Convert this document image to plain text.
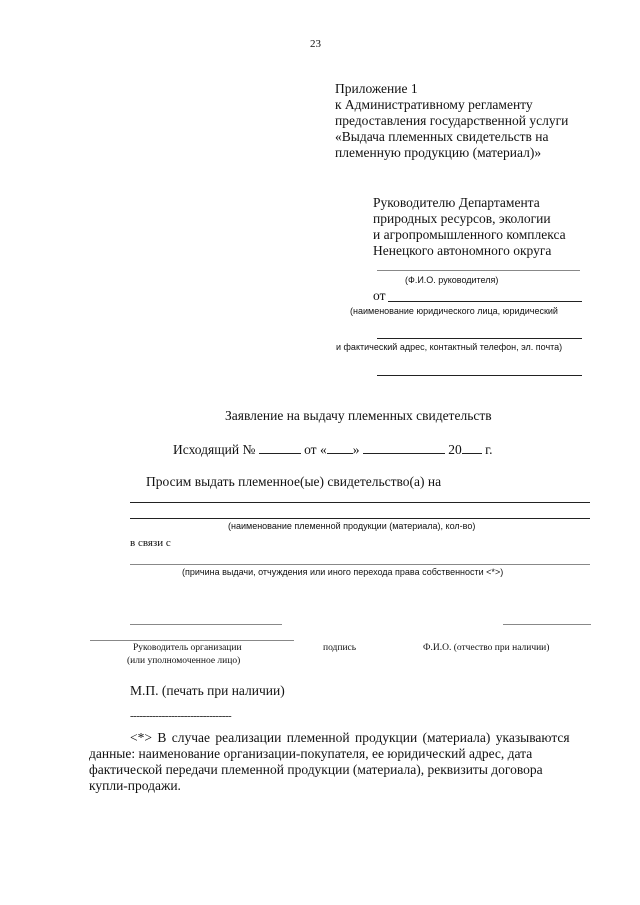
23
Приложение 1
к Административному регламенту
предоставления государственной услуги
«Выдача племенных свидетельств на
племенную продукцию (материал)»
Руководителю Департамента
природных ресурсов, экологии
и агропромышленного комплекса
Ненецкого автономного округа
(Ф.И.О. руководителя)
от
(наименование юридического лица, юридический
и фактический адрес, контактный телефон, эл. почта)
Заявление на выдачу племенных свидетельств
Исходящий №	от « »	20 г.
Просим выдать племенное(ые) свидетельство(а) на
(наименование племенной продукции (материала), кол-во)
в связи с
(причина выдачи, отчуждения или иного перехода права собственности <*>)
Руководитель организации	подпись	Ф.И.О. (отчество при наличии)
(или уполномоченное лицо)
М.П. (печать при наличии)
--------------------------------
<*> В случае реализации племенной продукции (материала) указываются
данные: наименование организации-покупателя, ее юридический адрес, дата
фактической передачи племенной продукции (материала), реквизиты договора
купли-продажи.
